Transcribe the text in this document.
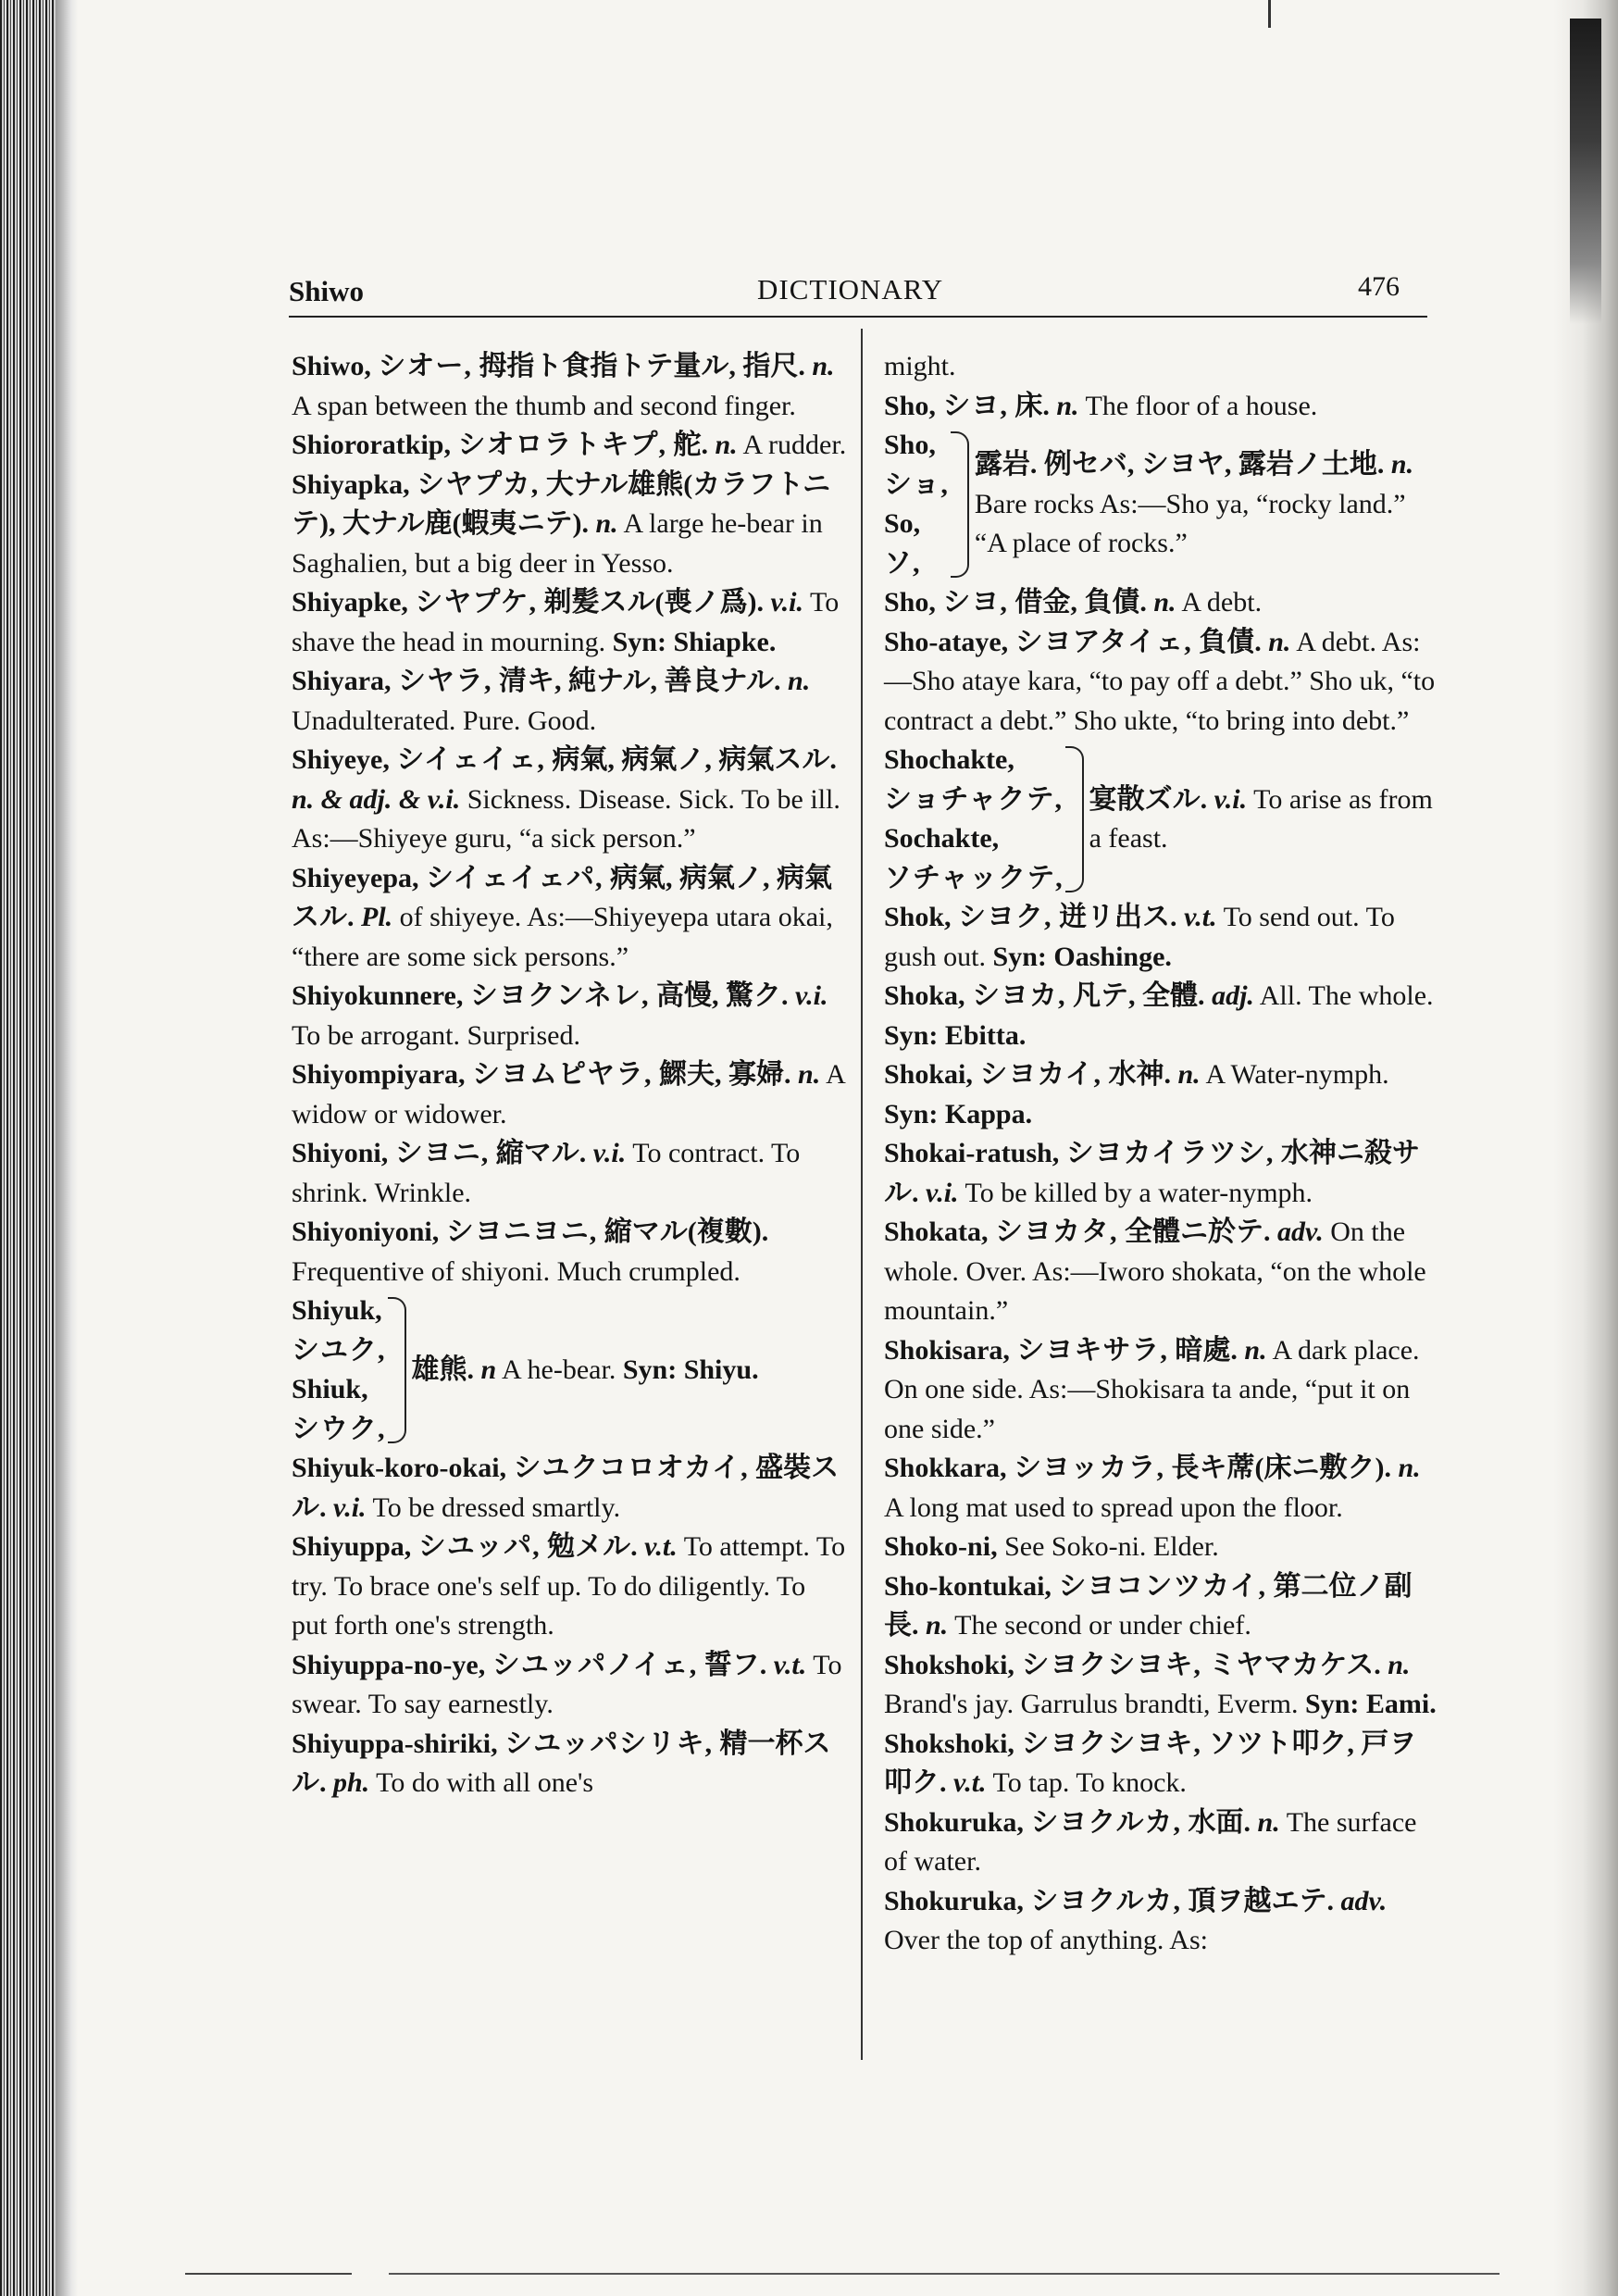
Shiwo	DICTIONARY	476
Shiwo, シオー, 拇指ト食指トテ量ル, 指尺. n. A span between the thumb and second finger.
Shiororatkip, シオロラトキプ, 舵. n. A rudder.
Shiyapka, シヤプカ, 大ナル雄熊(カラフトニテ), 大ナル鹿(蝦夷ニテ). n. A large he-bear in Saghalien, but a big deer in Yesso.
Shiyapke, シヤプケ, 剃髪スル(喪ノ爲). v.i. To shave the head in mourning. Syn: Shiapke.
Shiyara, シヤラ, 清キ, 純ナル, 善良ナル. n. Unadulterated. Pure. Good.
Shiyeye, シイェイェ, 病氣, 病氣ノ, 病氣スル. n. & adj. & v.i. Sickness. Disease. Sick. To be ill. As:—Shiyeye guru, “a sick person.”
Shiyeyepa, シイェイェパ, 病氣, 病氣ノ, 病氣スル. Pl. of shiyeye. As:—Shiyeyepa utara okai, “there are some sick persons.”
Shiyokunnere, シヨクンネレ, 高慢, 驚ク. v.i. To be arrogant. Surprised.
Shiyompiyara, シヨムピヤラ, 鰥夫, 寡婦. n. A widow or widower.
Shiyoni, シヨニ, 縮マル. v.i. To contract. To shrink. Wrinkle.
Shiyoniyoni, シヨニヨニ, 縮マル(複數). Frequentive of shiyoni. Much crumpled.
Shiyuk,
シユク,
Shiuk,
シウク,
雄熊. n A he-bear. Syn: Shiyu.
Shiyuk-koro-okai, シユクコロオカイ, 盛裝スル. v.i. To be dressed smartly.
Shiyuppa, シユッパ, 勉メル. v.t. To attempt. To try. To brace one's self up. To do diligently. To put forth one's strength.
Shiyuppa-no-ye, シユッパノイェ, 誓フ. v.t. To swear. To say earnestly.
Shiyuppa-shiriki, シユッパシリキ, 精一杯スル. ph. To do with all one's
might.
Sho, シヨ, 床. n. The floor of a house.
Sho,
ショ,
So,
ソ,
露岩. 例セバ, シヨヤ, 露岩ノ土地. n. Bare rocks As:—Sho ya, “rocky land.” “A place of rocks.”
Sho, シヨ, 借金, 負債. n. A debt.
Sho-ataye, シヨアタイェ, 負債. n. A debt. As:—Sho ataye kara, “to pay off a debt.” Sho uk, “to contract a debt.” Sho ukte, “to bring into debt.”
Shochakte,
ショチャクテ,
Sochakte,
ソチャックテ,
宴散ズル. v.i. To arise as from a feast.
Shok, シヨク, 迸リ出ス. v.t. To send out. To gush out. Syn: Oashinge.
Shoka, シヨカ, 凡テ, 全體. adj. All. The whole. Syn: Ebitta.
Shokai, シヨカイ, 水神. n. A Water-nymph. Syn: Kappa.
Shokai-ratush, シヨカイラツシ, 水神ニ殺サル. v.i. To be killed by a water-nymph.
Shokata, シヨカタ, 全體ニ於テ. adv. On the whole. Over. As:—Iworo shokata, “on the whole mountain.”
Shokisara, シヨキサラ, 暗處. n. A dark place. On one side. As:—Shokisara ta ande, “put it on one side.”
Shokkara, シヨッカラ, 長キ蓆(床ニ敷ク). n. A long mat used to spread upon the floor.
Shoko-ni, See Soko-ni. Elder.
Sho-kontukai, シヨコンツカイ, 第二位ノ副長. n. The second or under chief.
Shokshoki, シヨクシヨキ, ミヤマカケス. n. Brand's jay. Garrulus brandti, Everm. Syn: Eami.
Shokshoki, シヨクシヨキ, ソツト叩ク, 戸ヲ叩ク. v.t. To tap. To knock.
Shokuruka, シヨクルカ, 水面. n. The surface of water.
Shokuruka, シヨクルカ, 頂ヲ越エテ. adv. Over the top of anything. As:
